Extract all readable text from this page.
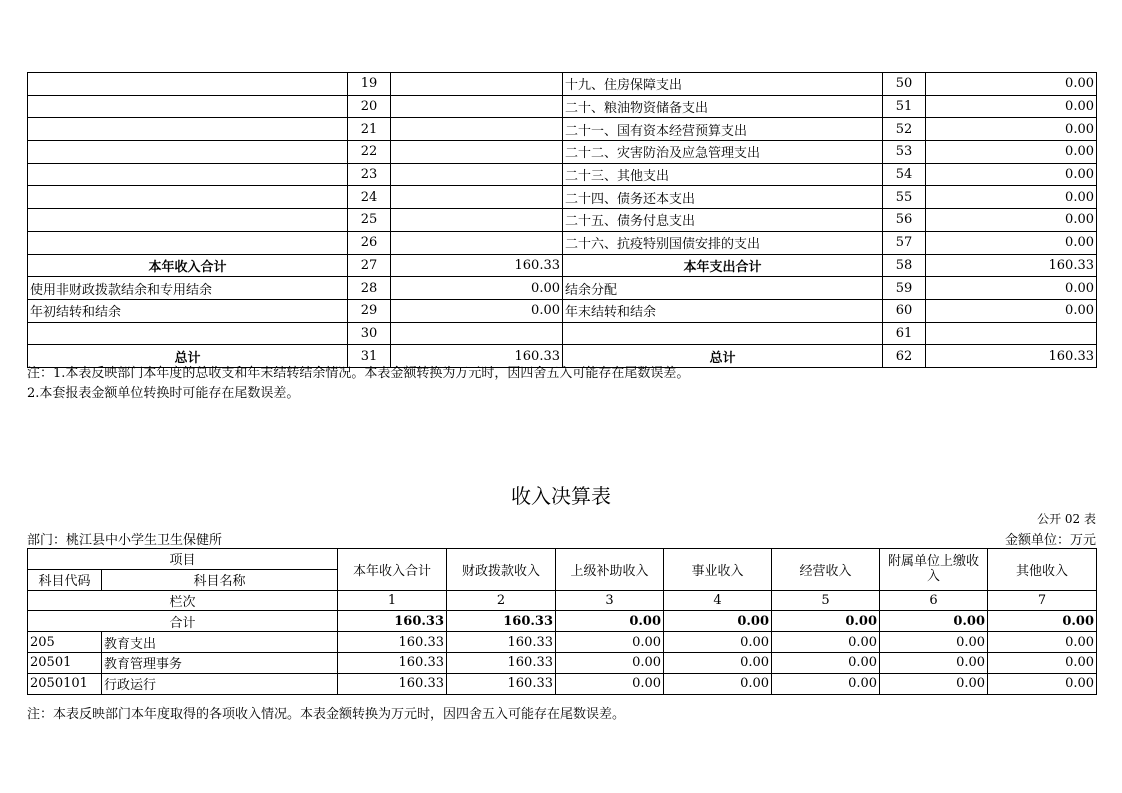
	19		十九、住房保障支出	50	0.00
	20		二十、粮油物资储备支出	51	0.00
	21		二十一、国有资本经营预算支出	52	0.00
	22		二十二、灾害防治及应急管理支出	53	0.00
	23		二十三、其他支出	54	0.00
	24		二十四、债务还本支出	55	0.00
	25		二十五、债务付息支出	56	0.00
	26		二十六、抗疫特别国债安排的支出	57	0.00
本年收入合计	27	160.33	本年支出合计	58	160.33
使用非财政拨款结余和专用结余	28	0.00	结余分配	59	0.00
年初结转和结余	29	0.00	年末结转和结余	60	0.00
	30			61	
总计	31	160.33	总计	62	160.33
注：1.本表反映部门本年度的总收支和年末结转结余情况。本表金额转换为万元时，因四舍五入可能存在尾数误差。
2.本套报表金额单位转换时可能存在尾数误差。
收入决算表
公开 02 表
部门：桃江县中小学生卫生保健所	金额单位：万元
项目		本年收入合计	财政拨款收入	上级补助收入	事业收入	经营收入	附属单位上缴收入	其他收入
科目代码	科目名称							
栏次		1	2	3	4	5	6	7
合计		160.33	160.33	0.00	0.00	0.00	0.00	0.00
205	教育支出	160.33	160.33	0.00	0.00	0.00	0.00	0.00
20501	教育管理事务	160.33	160.33	0.00	0.00	0.00	0.00	0.00
2050101	行政运行	160.33	160.33	0.00	0.00	0.00	0.00	0.00
注：本表反映部门本年度取得的各项收入情况。本表金额转换为万元时，因四舍五入可能存在尾数误差。
